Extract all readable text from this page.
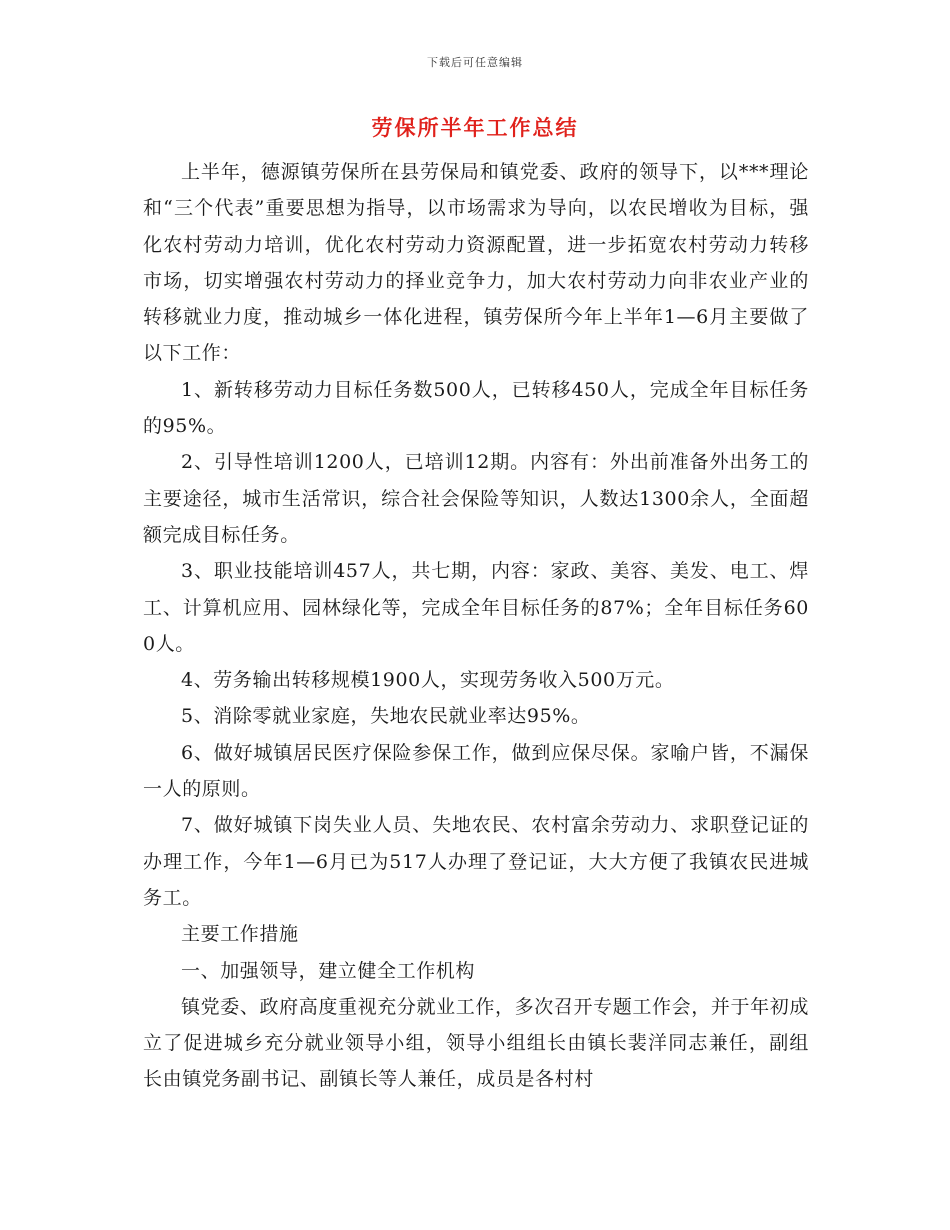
下载后可任意编辑
劳保所半年工作总结

上半年，德源镇劳保所在县劳保局和镇党委、政府的领导下，以***理论和“三个代表”重要思想为指导，以市场需求为导向，以农民增收为目标，强化农村劳动力培训，优化农村劳动力资源配置，进一步拓宽农村劳动力转移市场，切实增强农村劳动力的择业竞争力，加大农村劳动力向非农业产业的转移就业力度，推动城乡一体化进程，镇劳保所今年上半年1—6月主要做了以下工作：

1、新转移劳动力目标任务数500人，已转移450人，完成全年目标任务的95%。

2、引导性培训1200人，已培训12期。内容有：外出前准备外出务工的主要途径，城市生活常识，综合社会保险等知识，人数达1300余人，全面超额完成目标任务。

3、职业技能培训457人，共七期，内容：家政、美容、美发、电工、焊工、计算机应用、园林绿化等，完成全年目标任务的87%；全年目标任务600人。

4、劳务输出转移规模1900人，实现劳务收入500万元。

5、消除零就业家庭，失地农民就业率达95%。

6、做好城镇居民医疗保险参保工作，做到应保尽保。家喻户皆，不漏保一人的原则。

7、做好城镇下岗失业人员、失地农民、农村富余劳动力、求职登记证的办理工作，今年1—6月已为517人办理了登记证，大大方便了我镇农民进城务工。

主要工作措施

一、加强领导，建立健全工作机构

镇党委、政府高度重视充分就业工作，多次召开专题工作会，并于年初成立了促进城乡充分就业领导小组，领导小组组长由镇长裴洋同志兼任，副组长由镇党务副书记、副镇长等人兼任，成员是各村村
